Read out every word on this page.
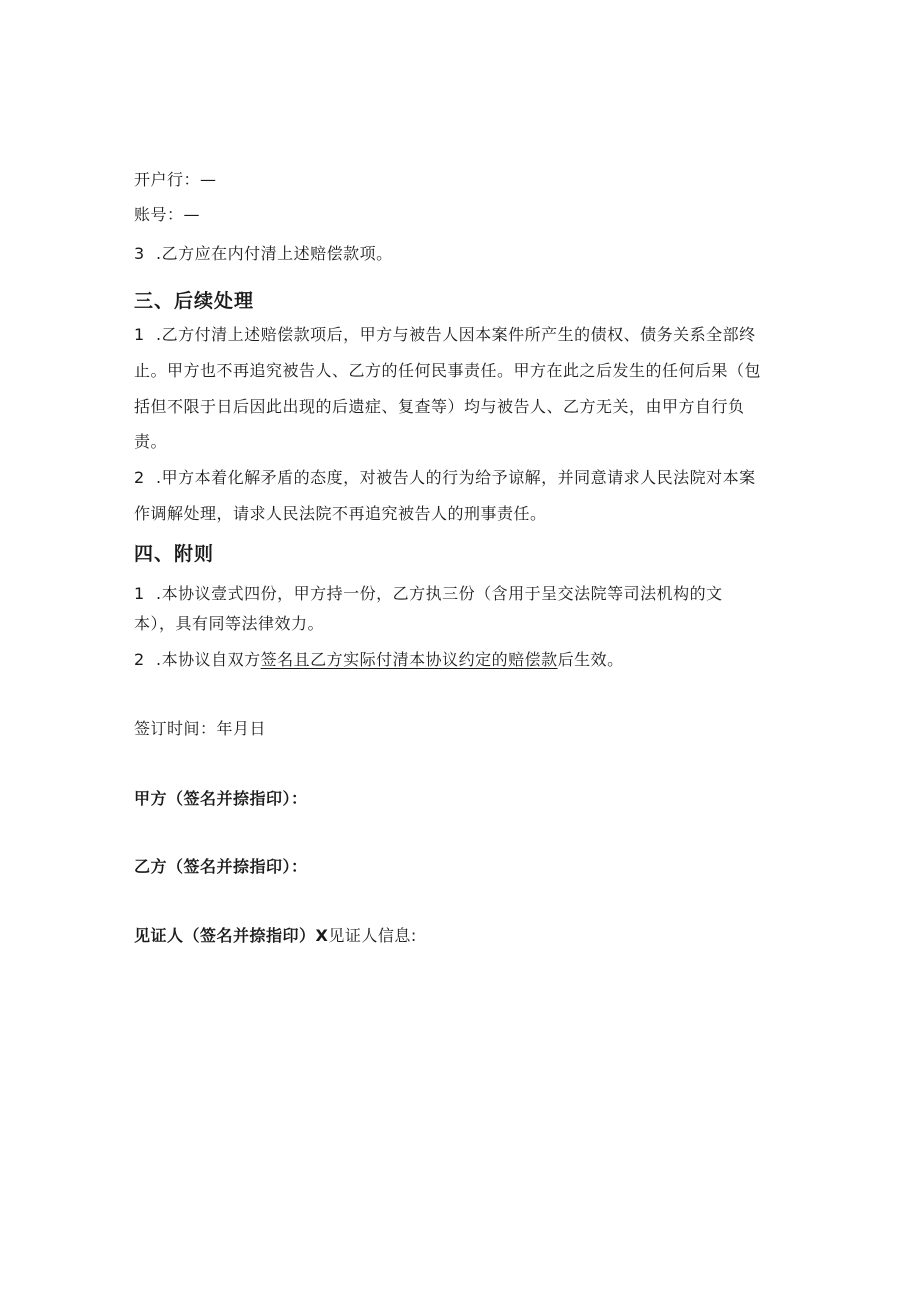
开户行：—
账号：—
3 .乙方应在内付清上述赔偿款项。
三、后续处理
1 .乙方付清上述赔偿款项后，甲方与被告人因本案件所产生的债权、债务关系全部终
止。甲方也不再追究被告人、乙方的任何民事责任。甲方在此之后发生的任何后果（包
括但不限于日后因此出现的后遗症、复查等）均与被告人、乙方无关，由甲方自行负
责。
2 .甲方本着化解矛盾的态度，对被告人的行为给予谅解，并同意请求人民法院对本案
作调解处理，请求人民法院不再追究被告人的刑事责任。
四、附则
1 .本协议壹式四份，甲方持一份，乙方执三份（含用于呈交法院等司法机构的文
本），具有同等法律效力。
2 .本协议自双方签名且乙方实际付清本协议约定的赔偿款后生效。
签订时间：年月日
甲方（签名并捺指印）：
乙方（签名并捺指印）：
见证人（签名并捺指印）X见证人信息:
